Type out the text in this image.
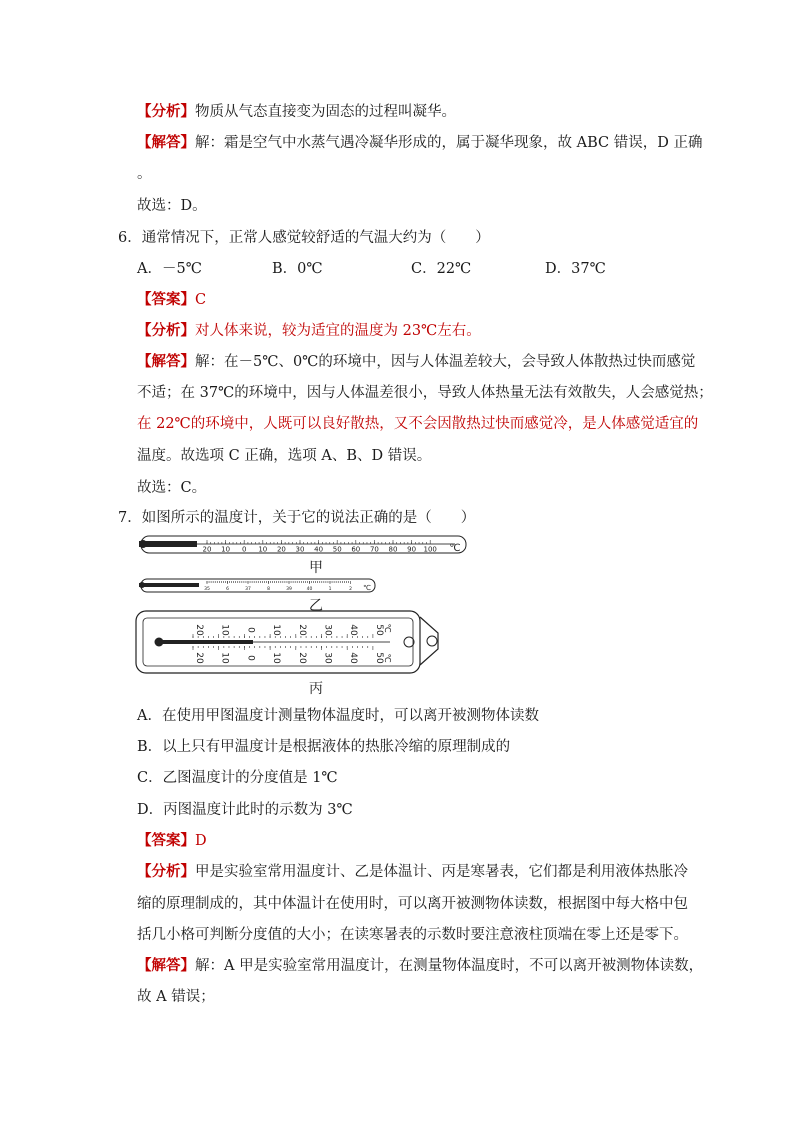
【分析】物质从气态直接变为固态的过程叫凝华。
【解答】解：霜是空气中水蒸气遇冷凝华形成的，属于凝华现象，故 ABC 错误，D 正确
。
故选：D。
6．通常情况下，正常人感觉较舒适的气温大约为（　　）
A．－5℃	B．0℃	C．22℃	D．37℃
【答案】C
【分析】对人体来说，较为适宜的温度为 23℃左右。
【解答】解：在－5℃、0℃的环境中，因与人体温差较大，会导致人体散热过快而感觉
不适；在 37℃的环境中，因与人体温差很小，导致人体热量无法有效散失，人会感觉热；
在 22℃的环境中，人既可以良好散热，又不会因散热过快而感觉冷，是人体感觉适宜的
温度。故选项 C 正确，选项 A、B、D 错误。
故选：C。
7．如图所示的温度计，关于它的说法正确的是（　　）
20 10 0 10 20 30 40 50 60 70 80 90 100 ℃
35	6	37	8	39	40	1	2 ℃
20
20
10
10
0
0
10
10
20
20
30
30
40
40
50
50
℃
℃
甲
乙
丙
A．在使用甲图温度计测量物体温度时，可以离开被测物体读数
B．以上只有甲温度计是根据液体的热胀冷缩的原理制成的
C．乙图温度计的分度值是 1℃
D．丙图温度计此时的示数为 3℃
【答案】D
【分析】甲是实验室常用温度计、乙是体温计、丙是寒暑表，它们都是利用液体热胀冷
缩的原理制成的，其中体温计在使用时，可以离开被测物体读数，根据图中每大格中包
括几小格可判断分度值的大小；在读寒暑表的示数时要注意液柱顶端在零上还是零下。
【解答】解：A 甲是实验室常用温度计，在测量物体温度时，不可以离开被测物体读数，
故 A 错误；
